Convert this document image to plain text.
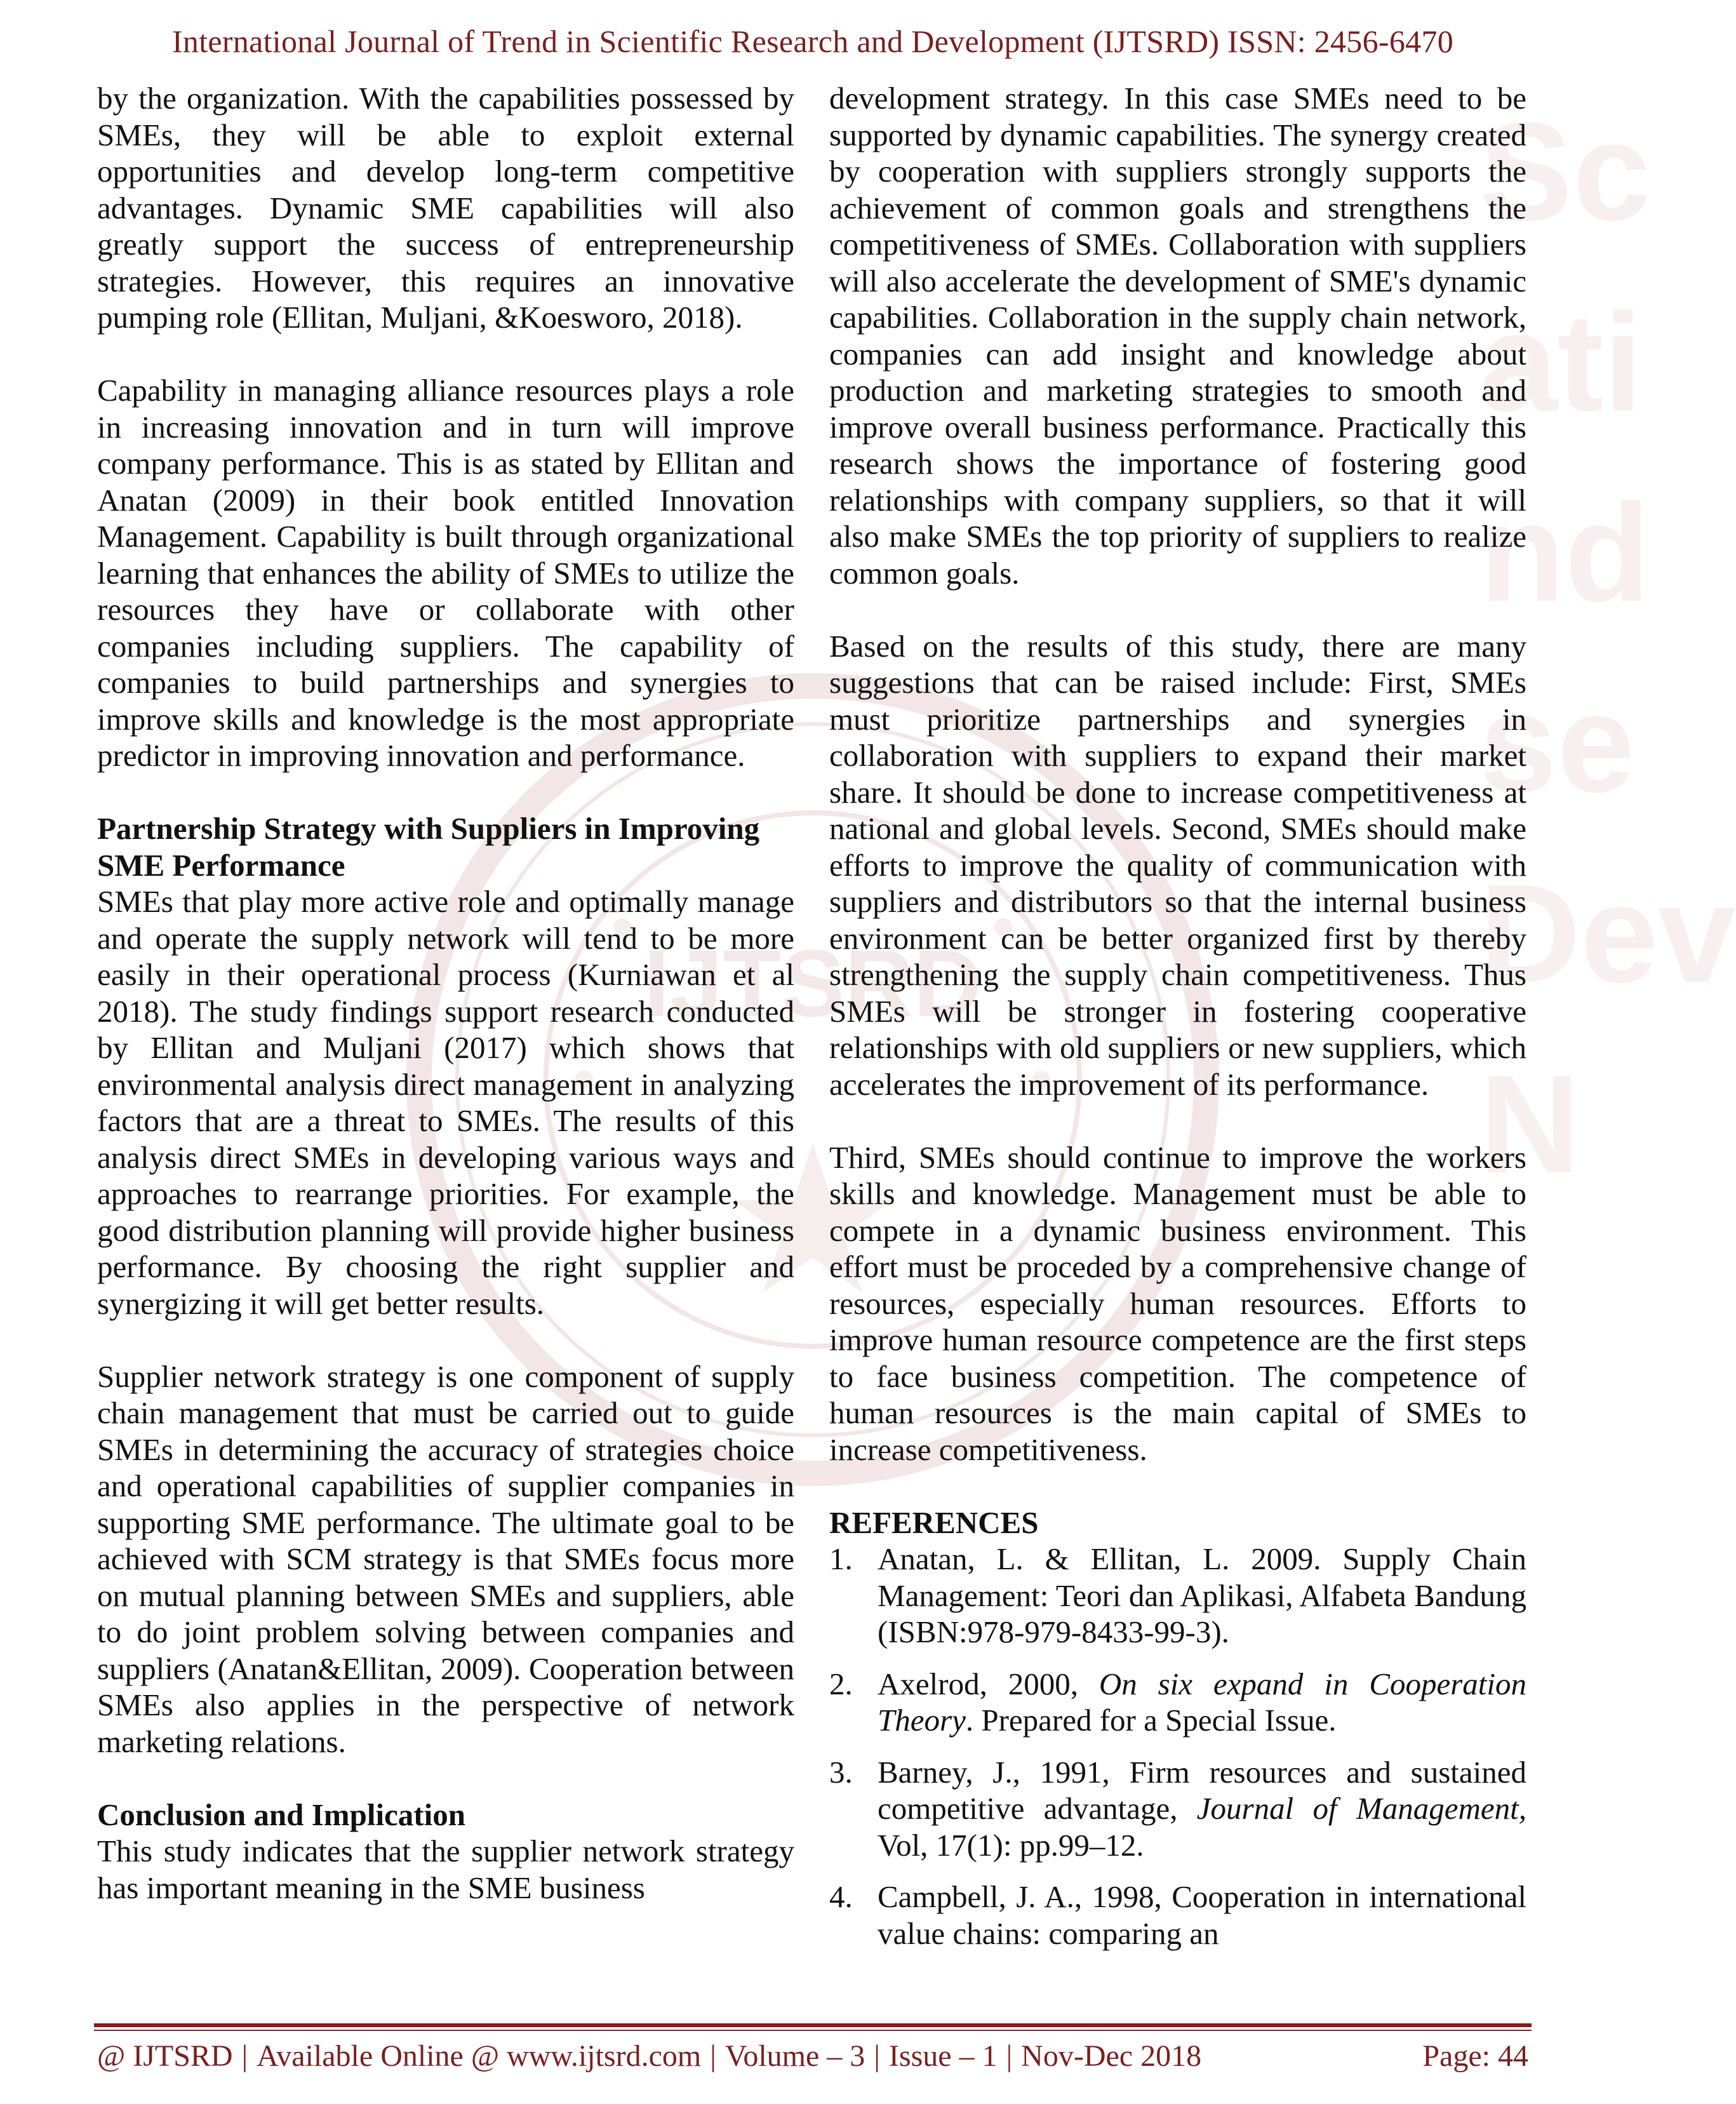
IJTSRD
Sc
ati
nd
se
Dev
N
International Journal of Trend in Scientific Research and Development (IJTSRD) ISSN: 2456-6470

by the organization. With the capabilities possessed by SMEs, they will be able to exploit external opportunities and develop long-term competitive advantages. Dynamic SME capabilities will also greatly support the success of entrepreneurship strategies. However, this requires an innovative pumping role (Ellitan, Muljani, &Koesworo, 2018).

Capability in managing alliance resources plays a role in increasing innovation and in turn will improve company performance. This is as stated by Ellitan and Anatan (2009) in their book entitled Innovation Management. Capability is built through organizational learning that enhances the ability of SMEs to utilize the resources they have or collaborate with other companies including suppliers. The capability of companies to build partnerships and synergies to improve skills and knowledge is the most appropriate predictor in improving innovation and performance.

Partnership Strategy with Suppliers in Improving SME Performance

SMEs that play more active role and optimally manage and operate the supply network will tend to be more easily in their operational process (Kurniawan et al 2018). The study findings support research conducted by Ellitan and Muljani (2017) which shows that environmental analysis direct management in analyzing factors that are a threat to SMEs. The results of this analysis direct SMEs in developing various ways and approaches to rearrange priorities. For example, the good distribution planning will provide higher business performance. By choosing the right supplier and synergizing it will get better results.

Supplier network strategy is one component of supply chain management that must be carried out to guide SMEs in determining the accuracy of strategies choice and operational capabilities of supplier companies in supporting SME performance. The ultimate goal to be achieved with SCM strategy is that SMEs focus more on mutual planning between SMEs and suppliers, able to do joint problem solving between companies and suppliers (Anatan&Ellitan, 2009). Cooperation between SMEs also applies in the perspective of network marketing relations.

Conclusion and Implication

This study indicates that the supplier network strategy has important meaning in the SME business

development strategy. In this case SMEs need to be supported by dynamic capabilities. The synergy created by cooperation with suppliers strongly supports the achievement of common goals and strengthens the competitiveness of SMEs. Collaboration with suppliers will also accelerate the development of SME's dynamic capabilities. Collaboration in the supply chain network, companies can add insight and knowledge about production and marketing strategies to smooth and improve overall business performance. Practically this research shows the importance of fostering good relationships with company suppliers, so that it will also make SMEs the top priority of suppliers to realize common goals.

Based on the results of this study, there are many suggestions that can be raised include: First, SMEs must prioritize partnerships and synergies in collaboration with suppliers to expand their market share. It should be done to increase competitiveness at national and global levels. Second, SMEs should make efforts to improve the quality of communication with suppliers and distributors so that the internal business environment can be better organized first by thereby strengthening the supply chain competitiveness. Thus SMEs will be stronger in fostering cooperative relationships with old suppliers or new suppliers, which accelerates the improvement of its performance.

Third, SMEs should continue to improve the workers skills and knowledge. Management must be able to compete in a dynamic business environment. This effort must be proceded by a comprehensive change of resources, especially human resources. Efforts to improve human resource competence are the first steps to face business competition. The competence of human resources is the main capital of SMEs to increase competitiveness.

REFERENCES

1. Anatan, L. & Ellitan, L. 2009. Supply Chain Management: Teori dan Aplikasi, Alfabeta Bandung (ISBN:978-979-8433-99-3).
2. Axelrod, 2000, On six expand in Cooperation Theory. Prepared for a Special Issue.
3. Barney, J., 1991, Firm resources and sustained competitive advantage, Journal of Management, Vol, 17(1): pp.99–12.
4. Campbell, J. A., 1998, Cooperation in international value chains: comparing an
@ IJTSRD | Available Online @ www.ijtsrd.com | Volume – 3 | Issue – 1 | Nov-Dec 2018	Page: 44
